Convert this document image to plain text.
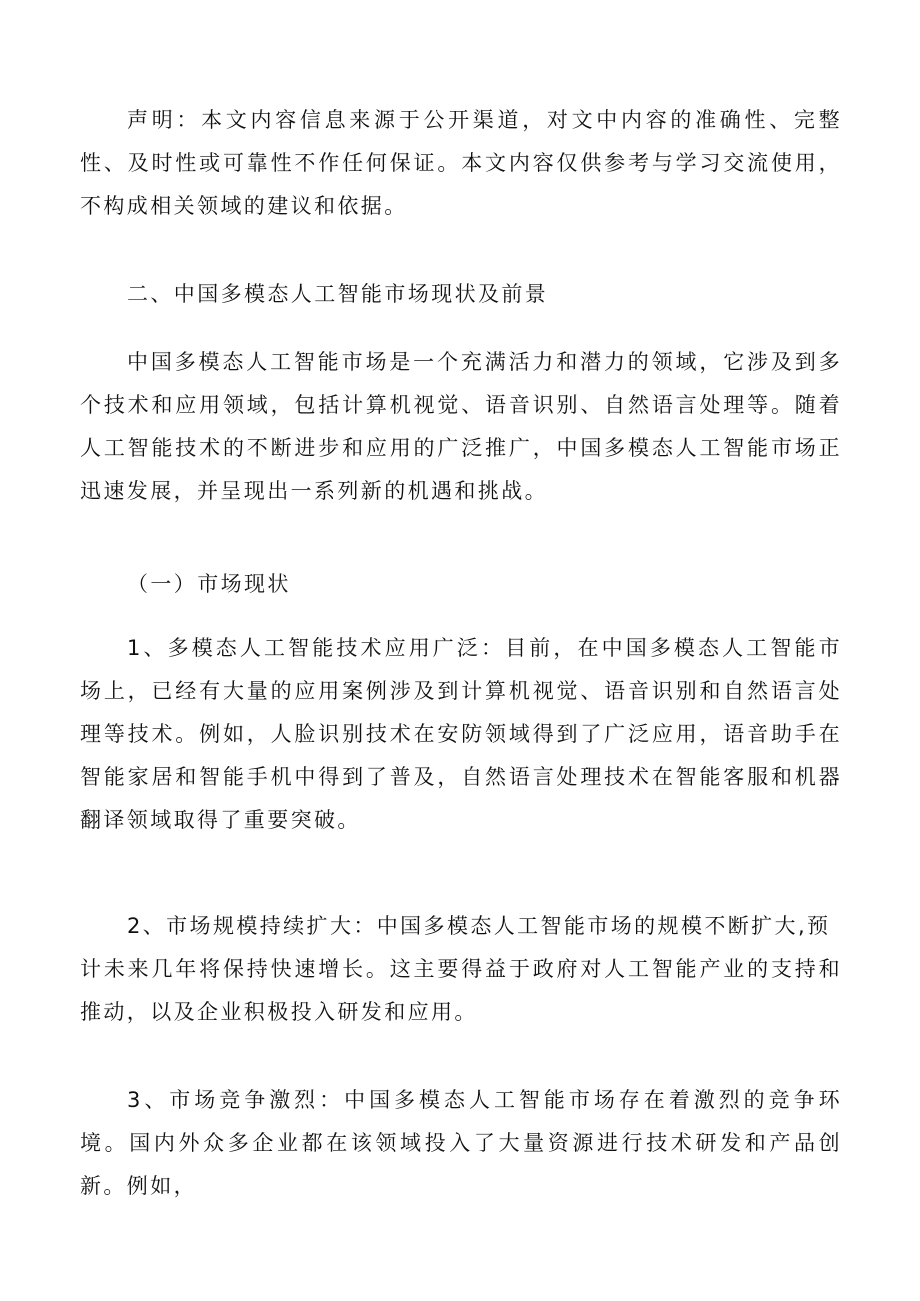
声明：本文内容信息来源于公开渠道，对文中内容的准确性、完整性、及时性或可靠性不作任何保证。本文内容仅供参考与学习交流使用，不构成相关领域的建议和依据。

二、中国多模态人工智能市场现状及前景

中国多模态人工智能市场是一个充满活力和潜力的领域，它涉及到多个技术和应用领域，包括计算机视觉、语音识别、自然语言处理等。随着人工智能技术的不断进步和应用的广泛推广，中国多模态人工智能市场正迅速发展，并呈现出一系列新的机遇和挑战。

（一）市场现状

1、多模态人工智能技术应用广泛：目前，在中国多模态人工智能市场上，已经有大量的应用案例涉及到计算机视觉、语音识别和自然语言处理等技术。例如，人脸识别技术在安防领域得到了广泛应用，语音助手在智能家居和智能手机中得到了普及，自然语言处理技术在智能客服和机器翻译领域取得了重要突破。

2、市场规模持续扩大：中国多模态人工智能市场的规模不断扩大,预

计未来几年将保持快速增长。这主要得益于政府对人工智能产业的支持和推动，以及企业积极投入研发和应用。

3、市场竞争激烈：中国多模态人工智能市场存在着激烈的竞争环境。国内外众多企业都在该领域投入了大量资源进行技术研发和产品创新。例如，
